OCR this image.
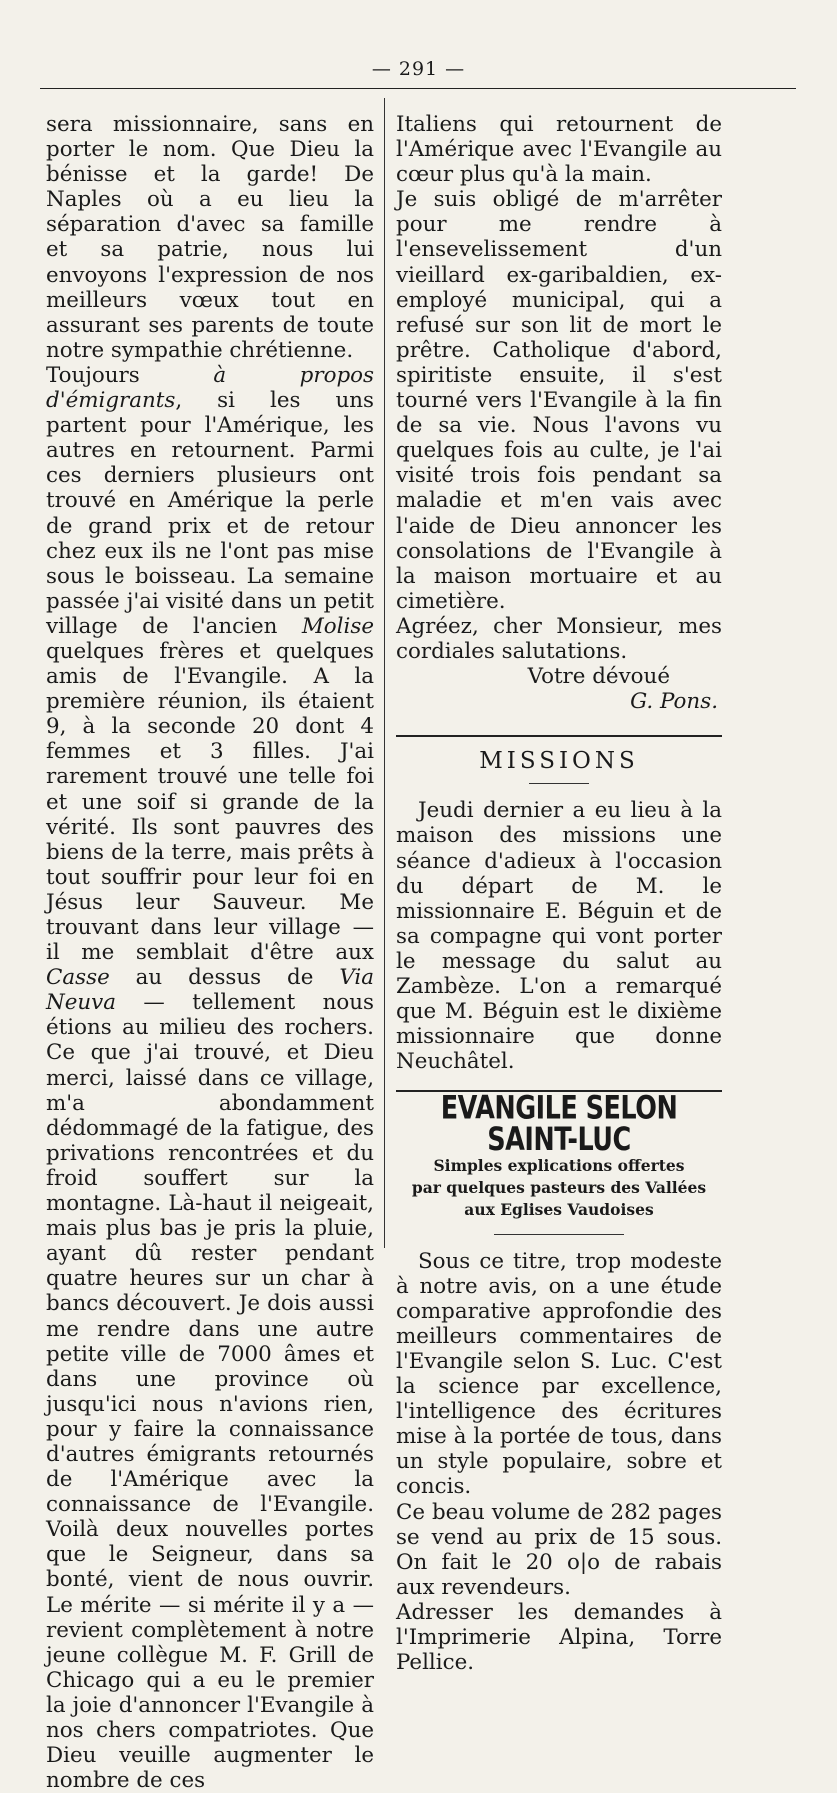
— 291 —

sera missionnaire, sans en porter le nom. Que Dieu la bénisse et la garde! De Naples où a eu lieu la séparation d'avec sa famille et sa patrie, nous lui envoyons l'expression de nos meilleurs vœux tout en assurant ses parents de toute notre sympathie chrétienne.

Toujours à propos d'émigrants, si les uns partent pour l'Amérique, les autres en retournent. Parmi ces derniers plusieurs ont trouvé en Amérique la perle de grand prix et de retour chez eux ils ne l'ont pas mise sous le boisseau. La semaine passée j'ai visité dans un petit village de l'ancien Molise quelques frères et quelques amis de l'Evangile. A la première réunion, ils étaient 9, à la seconde 20 dont 4 femmes et 3 filles. J'ai rarement trouvé une telle foi et une soif si grande de la vérité. Ils sont pauvres des biens de la terre, mais prêts à tout souffrir pour leur foi en Jésus leur Sauveur. Me trouvant dans leur village — il me semblait d'être aux Casse au dessus de Via Neuva — tellement nous étions au milieu des rochers. Ce que j'ai trouvé, et Dieu merci, laissé dans ce village, m'a abondamment dédommagé de la fatigue, des privations rencontrées et du froid souffert sur la montagne. Là-haut il neigeait, mais plus bas je pris la pluie, ayant dû rester pendant quatre heures sur un char à bancs découvert. Je dois aussi me rendre dans une autre petite ville de 7000 âmes et dans une province où jusqu'ici nous n'avions rien, pour y faire la connaissance d'autres émigrants retournés de l'Amérique avec la connaissance de l'Evangile. Voilà deux nouvelles portes que le Seigneur, dans sa bonté, vient de nous ouvrir. Le mérite — si mérite il y a — revient complètement à notre jeune collègue M. F. Grill de Chicago qui a eu le premier la joie d'annoncer l'Evangile à nos chers compatriotes. Que Dieu veuille augmenter le nombre de ces

Italiens qui retournent de l'Amérique avec l'Evangile au cœur plus qu'à la main.

Je suis obligé de m'arrêter pour me rendre à l'ensevelissement d'un vieillard ex-garibaldien, ex-employé municipal, qui a refusé sur son lit de mort le prêtre. Catholique d'abord, spiritiste ensuite, il s'est tourné vers l'Evangile à la fin de sa vie. Nous l'avons vu quelques fois au culte, je l'ai visité trois fois pendant sa maladie et m'en vais avec l'aide de Dieu annoncer les consolations de l'Evangile à la maison mortuaire et au cimetière.

Agréez, cher Monsieur, mes cordiales salutations.

Votre dévoué

G. Pons.

MISSIONS

Jeudi dernier a eu lieu à la maison des missions une séance d'adieux à l'occasion du départ de M. le missionnaire E. Béguin et de sa compagne qui vont porter le message du salut au Zambèze. L'on a remarqué que M. Béguin est le dixième missionnaire que donne Neuchâtel.

EVANGILE SELON SAINT-LUC
Simples explications offertes
par quelques pasteurs des Vallées
aux Eglises Vaudoises

Sous ce titre, trop modeste à notre avis, on a une étude comparative approfondie des meilleurs commentaires de l'Evangile selon S. Luc. C'est la science par excellence, l'intelligence des écritures mise à la portée de tous, dans un style populaire, sobre et concis.

Ce beau volume de 282 pages se vend au prix de 15 sous. On fait le 20 o|o de rabais aux revendeurs.

Adresser les demandes à l'Imprimerie Alpina, Torre Pellice.
